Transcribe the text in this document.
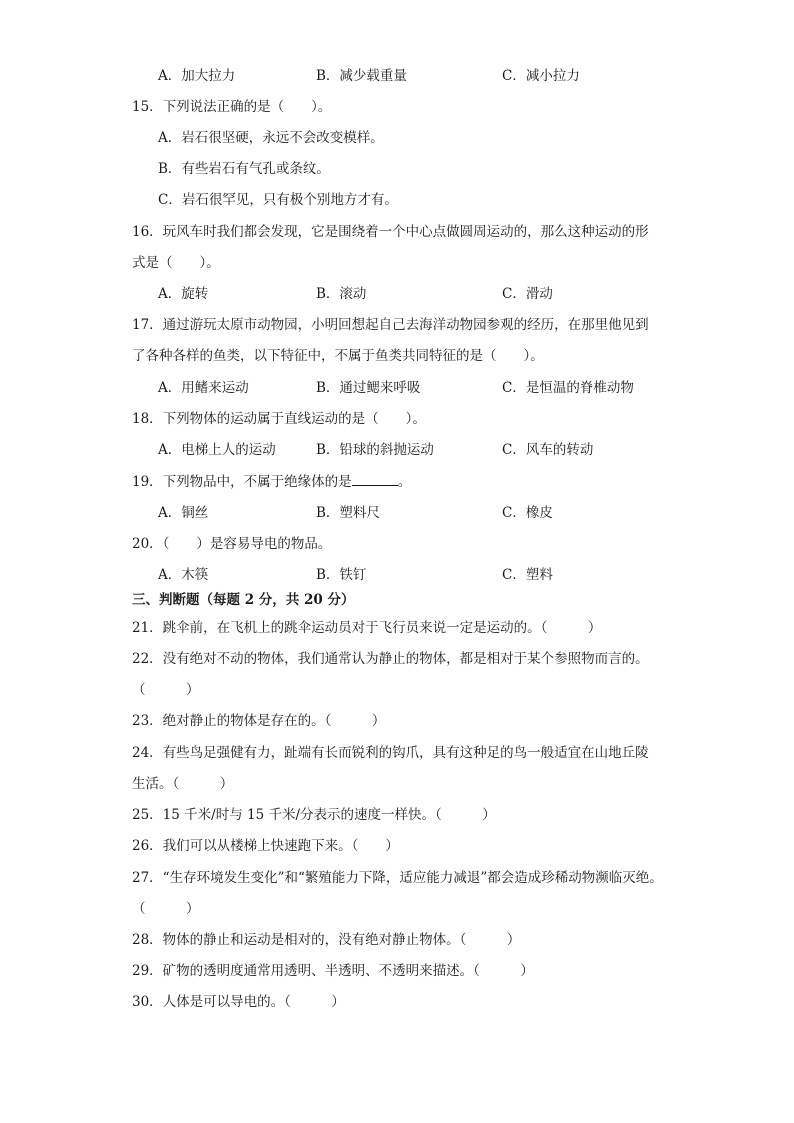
A．加大拉力	B．减少载重量	C．减小拉力
15．下列说法正确的是（　　）。
A．岩石很坚硬，永远不会改变模样。
B．有些岩石有气孔或条纹。
C．岩石很罕见，只有极个别地方才有。
16．玩风车时我们都会发现，它是围绕着一个中心点做圆周运动的，那么这种运动的形
式是（　　）。
A．旋转	B．滚动	C．滑动
17．通过游玩太原市动物园，小明回想起自己去海洋动物园参观的经历，在那里他见到
了各种各样的鱼类，以下特征中，不属于鱼类共同特征的是（　　）。
A．用鳍来运动	B．通过鳃来呼吸	C．是恒温的脊椎动物
18．下列物体的运动属于直线运动的是（　　）。
A．电梯上人的运动	B．铅球的斜抛运动	C．风车的转动
19．下列物品中，不属于绝缘体的是	。
A．铜丝	B．塑料尺	C．橡皮
20．（　　）是容易导电的物品。
A．木筷	B．铁钉	C．塑料
三、判断题（每题 2 分，共 20 分）
21．跳伞前，在飞机上的跳伞运动员对于飞行员来说一定是运动的。（　　　）
22．没有绝对不动的物体，我们通常认为静止的物体，都是相对于某个参照物而言的。
（　　　）
23．绝对静止的物体是存在的。（　　　）
24．有些鸟足强健有力，趾端有长而锐利的钩爪，具有这种足的鸟一般适宜在山地丘陵
生活。（　　　）
25．15 千米/时与 15 千米/分表示的速度一样快。（　　　）
26．我们可以从楼梯上快速跑下来。（　　）
27．“生存环境发生变化”和“繁殖能力下降，适应能力减退”都会造成珍稀动物濒临灭绝。
（　　　）
28．物体的静止和运动是相对的，没有绝对静止物体。（　　　）
29．矿物的透明度通常用透明、半透明、不透明来描述。（　　　）
30．人体是可以导电的。（　　　）
